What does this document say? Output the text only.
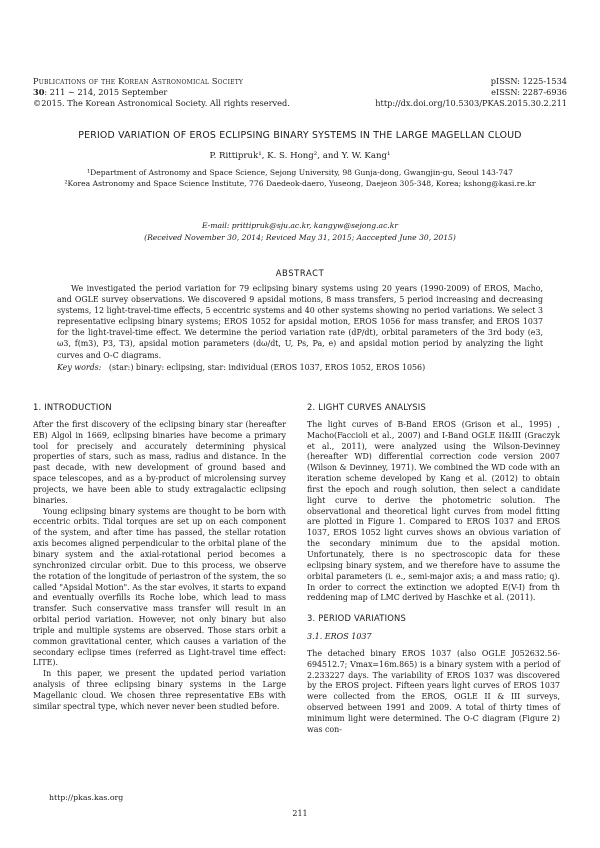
Publications of the Korean Astronomical Society
30: 211 ∼ 214, 2015 September
©2015. The Korean Astronomical Society. All rights reserved.
pISSN: 1225-1534
eISSN: 2287-6936
http://dx.doi.org/10.5303/PKAS.2015.30.2.211
PERIOD VARIATION OF EROS ECLIPSING BINARY SYSTEMS IN THE LARGE MAGELLAN CLOUD
P. Rittipruk¹, K. S. Hong², and Y. W. Kang¹
¹Department of Astronomy and Space Science, Sejong University, 98 Gunja-dong, Gwangjin-gu, Seoul 143-747
²Korea Astronomy and Space Science Institute, 776 Daedeok-daero, Yuseong, Daejeon 305-348, Korea; kshong@kasi.re.kr
E-mail: prittipruk@sju.ac.kr, kangyw@sejong.ac.kr
(Received November 30, 2014; Reviced May 31, 2015; Aaccepted June 30, 2015)
ABSTRACT

We investigated the period variation for 79 eclipsing binary systems using 20 years (1990-2009) of EROS, Macho, and OGLE survey observations. We discovered 9 apsidal motions, 8 mass transfers, 5 period increasing and decreasing systems, 12 light-travel-time effects, 5 eccentric systems and 40 other systems showing no period variations. We select 3 representative eclipsing binary systems; EROS 1052 for apsidal motion, EROS 1056 for mass transfer, and EROS 1037 for the light-travel-time effect. We determine the period variation rate (dP/dt), orbital parameters of the 3rd body (e3, ω3, f(m3), P3, T3), apsidal motion parameters (dω/dt, U, Ps, Pa, e) and apsidal motion period by analyzing the light curves and O-C diagrams.

Key words: (star:) binary: eclipsing, star: individual (EROS 1037, EROS 1052, EROS 1056)

1. INTRODUCTION

After the first discovery of the eclipsing binary star (hereafter EB) Algol in 1669, eclipsing binaries have become a primary tool for precisely and accurately determining physical properties of stars, such as mass, radius and distance. In the past decade, with new development of ground based and space telescopes, and as a by-product of microlensing survey projects, we have been able to study extragalactic eclipsing binaries.

Young eclipsing binary systems are thought to be born with eccentric orbits. Tidal torques are set up on each component of the system, and after time has passed, the stellar rotation axis becomes aligned perpendicular to the orbital plane of the binary system and the axial-rotational period becomes a synchronized circular orbit. Due to this process, we observe the rotation of the longitude of periastron of the system, the so called "Apsidal Motion". As the star evolves, it starts to expand and eventually overfills its Roche lobe, which lead to mass transfer. Such conservative mass transfer will result in an orbital period variation. However, not only binary but also triple and multiple systems are observed. Those stars orbit a common gravitational center, which causes a variation of the secondary eclipse times (referred as Light-travel time effect: LITE).

In this paper, we present the updated period variation analysis of three eclipsing binary systems in the Large Magellanic cloud. We chosen three representative EBs with similar spectral type, which never never been studied before.

2. LIGHT CURVES ANALYSIS

The light curves of B-Band EROS (Grison et al., 1995) , Macho(Faccioli et al., 2007) and I-Band OGLE II&III (Graczyk et al., 2011), were analyzed using the Wilson-Devinney (hereafter WD) differential correction code version 2007 (Wilson & Devinney, 1971). We combined the WD code with an iteration scheme developed by Kang et al. (2012) to obtain first the epoch and rough solution, then select a candidate light curve to derive the photometric solution. The observational and theoretical light curves from model fitting are plotted in Figure 1. Compared to EROS 1037 and EROS 1037, EROS 1052 light curves shows an obvious variation of the secondary minimum due to the apsidal motion. Unfortunately, there is no spectroscopic data for these eclipsing binary system, and we therefore have to assume the orbital parameters (i. e., semi-major axis; a and mass ratio; q). In order to correct the extinction we adopted E(V-I) from th reddening map of LMC derived by Haschke et al. (2011).

3. PERIOD VARIATIONS
3.1. EROS 1037

The detached binary EROS 1037 (also OGLE J052632.56-694512.7; Vmax=16m.865) is a binary system with a period of 2.233227 days. The variability of EROS 1037 was discovered by the EROS project. Fifteen years light curves of EROS 1037 were collected from the EROS, OGLE II & III surveys, observed between 1991 and 2009. A total of thirty times of minimum light were determined. The O-C diagram (Figure 2) was con-

http://pkas.kas.org
211
